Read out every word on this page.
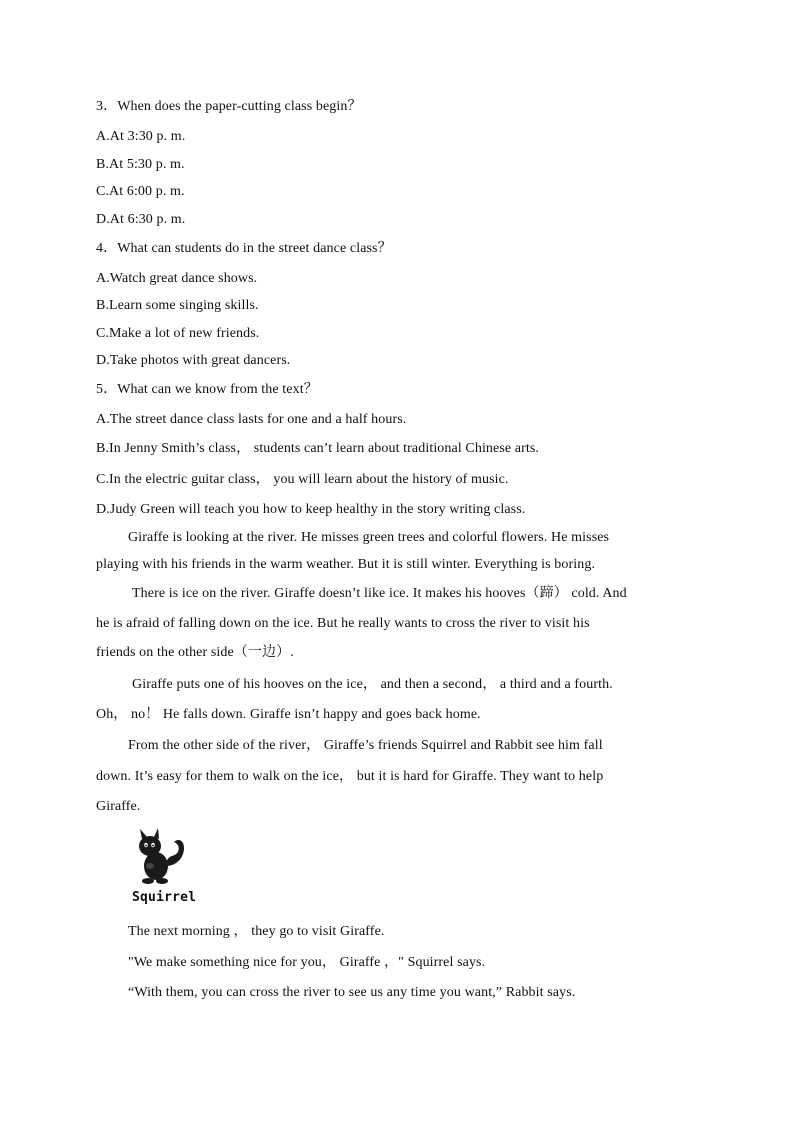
3．When does the paper-cutting class begin？
A.At 3:30 p. m.
B.At 5:30 p. m.
C.At 6:00 p. m.
D.At 6:30 p. m.
4．What can students do in the street dance class？
A.Watch great dance shows.
B.Learn some singing skills.
C.Make a lot of new friends.
D.Take photos with great dancers.
5．What can we know from the text？
A.The street dance class lasts for one and a half hours.
B.In Jenny Smith’s class， students can’t learn about traditional Chinese arts.
C.In the electric guitar class， you will learn about the history of music.
D.Judy Green will teach you how to keep healthy in the story writing class.
Giraffe is looking at the river. He misses green trees and colorful flowers. He misses
playing with his friends in the warm weather. But it is still winter. Everything is boring.
There is ice on the river. Giraffe doesn’t like ice. It makes his hooves（蹄） cold. And
he is afraid of falling down on the ice. But he really wants to cross the river to visit his
friends on the other side（一边）.
Giraffe puts one of his hooves on the ice， and then a second， a third and a fourth.
Oh， no！ He falls down. Giraffe isn’t happy and goes back home.
From the other side of the river， Giraffe’s friends Squirrel and Rabbit see him fall
down. It’s easy for them to walk on the ice， but it is hard for Giraffe. They want to help
Giraffe.
Squirrel
The next morning ， they go to visit Giraffe.
"We make something nice for you， Giraffe ，" Squirrel says.
“With them, you can cross the river to see us any time you want,” Rabbit says.
